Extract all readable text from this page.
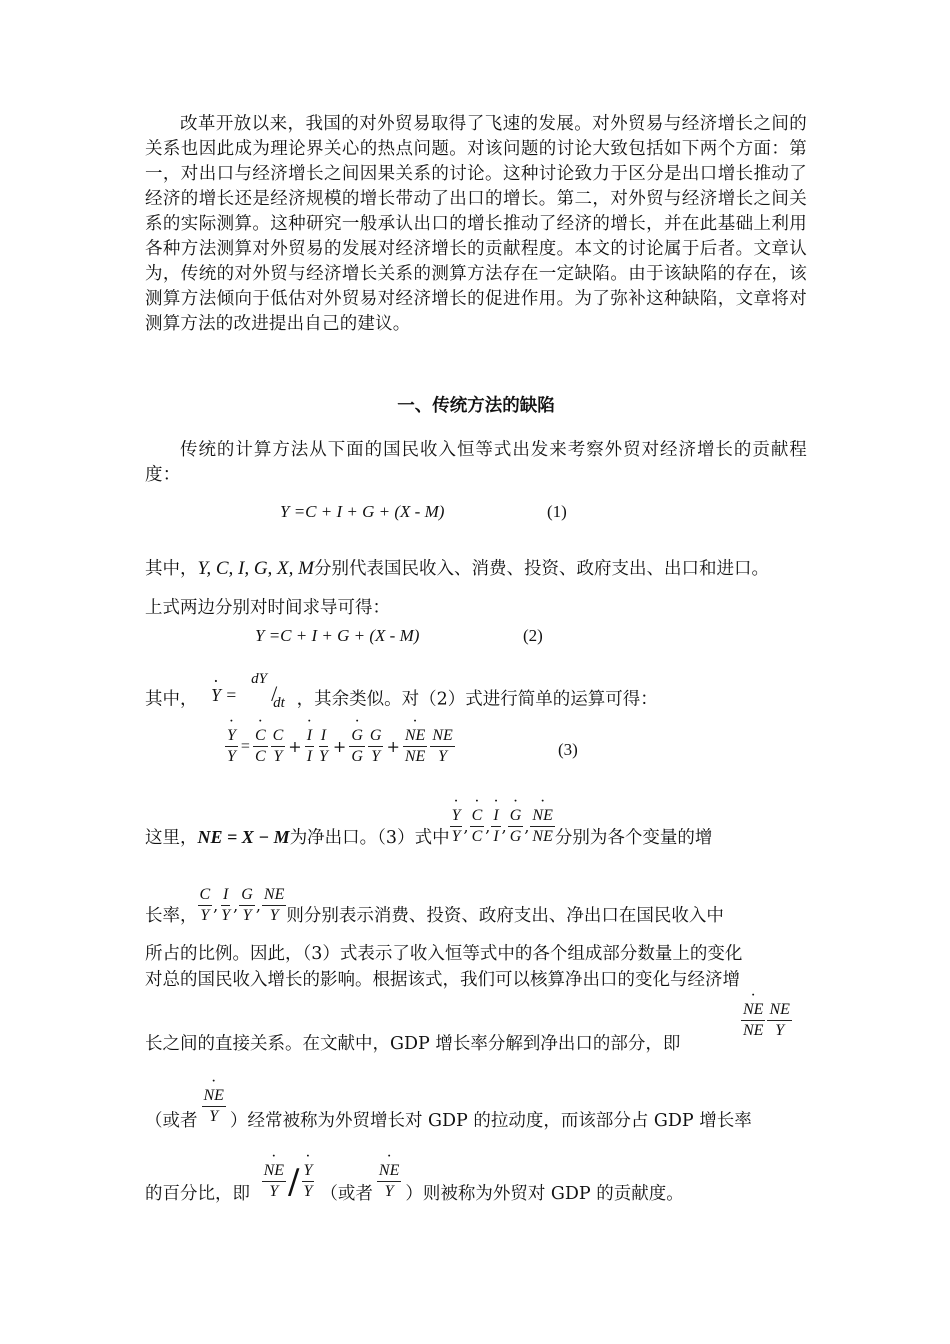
改革开放以来，我国的对外贸易取得了飞速的发展。对外贸易与经济增长之间的关系也因此成为理论界关心的热点问题。对该问题的讨论大致包括如下两个方面：第一，对出口与经济增长之间因果关系的讨论。这种讨论致力于区分是出口增长推动了经济的增长还是经济规模的增长带动了出口的增长。第二，对外贸与经济增长之间关系的实际测算。这种研究一般承认出口的增长推动了经济的增长，并在此基础上利用各种方法测算对外贸易的发展对经济增长的贡献程度。本文的讨论属于后者。文章认为，传统的对外贸与经济增长关系的测算方法存在一定缺陷。由于该缺陷的存在，该测算方法倾向于低估对外贸易对经济增长的促进作用。为了弥补这种缺陷，文章将对测算方法的改进提出自己的建议。

一、传统方法的缺陷

传统的计算方法从下面的国民收入恒等式出发来考察外贸对经济增长的贡献程度：

Y =C + I + G + (X - M)	(1)
其中，Y, C, I, G, X, M分别代表国民收入、消费、投资、政府支出、出口和进口。
上式两边分别对时间求导可得：
Y =C + I + G + (X - M)	(2)
其中， · Y =
dY
/
dt ，其余类似。对（2）式进行简单的运算可得：
· $\frac{Y}{Y}$ = · $\frac{C}{C} \frac{C}{Y}$ + · $\frac{I}{I} \frac{I}{Y}$ + · $\frac{G}{G} \frac{G}{Y}$ + · $\frac{NE}{NE} \frac{NE}{Y}$	(3)
这里，NE = X − M为净出口。（3）式中 · $\frac{Y}{Y}$ , · $\frac{C}{C}$ , · $\frac{I}{I}$ , · $\frac{G}{G}$ , · $\frac{NE}{NE}$ 分别为各个变量的增
长率， $\frac{C}{Y}$ , $\frac{I}{Y}$ , $\frac{G}{Y}$ , $\frac{NE}{Y}$ 则分别表示消费、投资、政府支出、净出口在国民收入中
所占的比例。因此，（3）式表示了收入恒等式中的各个组成部分数量上的变化
对总的国民收入增长的影响。根据该式，我们可以核算净出口的变化与经济增
长之间的直接关系。在文献中，GDP 增长率分解到净出口的部分，即
· $\frac{NE}{NE} \frac{NE}{Y}$
（或者 · $\frac{NE}{Y}$ ）经常被称为外贸增长对 GDP 的拉动度，而该部分占 GDP 增长率
的百分比，即 · $\frac{NE}{Y}$ / · $\frac{Y}{Y}$ （或者 · $\frac{NE}{Y}$ ）则被称为外贸对 GDP 的贡献度。
